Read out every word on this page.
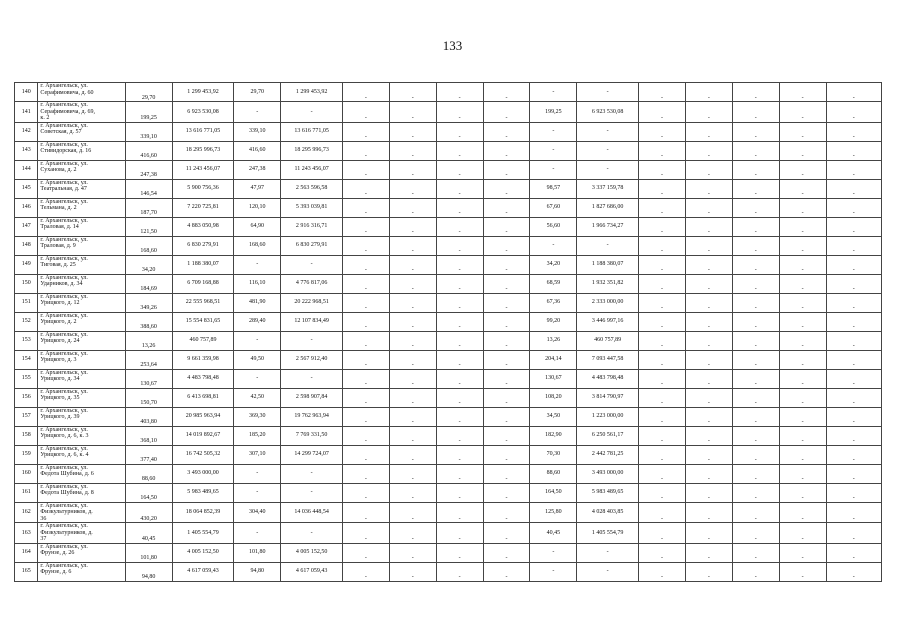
133
140	г. Архангельск, ул.
Серафимовича, д. 60	29,70	1 299 453,92	29,70	1 299 453,92	-	-	-	-	-	-	-	-	-	-	-
141	г. Архангельск, ул.
Серафимовича, д. 69,
к. 2	199,25	6 923 530,08	-	-	-	-	-	-	199,25	6 923 530,08	-	-	-	-	-
142	г. Архангельск, ул.
Советская, д. 57	339,10	13 616 771,05	339,10	13 616 771,05	-	-	-	-	-	-	-	-	-	-	-
143	г. Архангельск, ул.
Стивидорская, д. 16	416,60	18 295 996,73	416,60	18 295 996,73	-	-	-	-	-	-	-	-	-	-	-
144	г. Архангельск, ул.
Суханова, д. 2	247,38	11 243 456,07	247,38	11 243 456,07	-	-	-	-	-	-	-	-	-	-	-
145	г. Архангельск, ул.
Театральная, д. 47	146,54	5 900 756,36	47,97	2 563 596,58	-	-	-	-	98,57	3 337 159,78	-	-	-	-	-
146	г. Архангельск, ул.
Тельмана, д. 2	187,70	7 220 725,81	120,10	5 393 039,81	-	-	-	-	67,60	1 827 686,00	-	-	-	-	-
147	г. Архангельск, ул.
Траловая, д. 14	121,50	4 883 050,98	64,90	2 916 316,71	-	-	-	-	56,60	1 966 734,27	-	-	-	-	-
148	г. Архангельск, ул.
Траловая, д. 9	168,60	6 830 279,91	168,60	6 830 279,91	-	-	-	-	-	-	-	-	-	-	-
149	г. Архангельск, ул.
Тиговая, д. 25	34,20	1 188 380,07	-	-	-	-	-	-	34,20	1 188 380,07	-	-	-	-	-
150	г. Архангельск, ул.
Ударников, д. 34	184,69	6 709 168,88	116,10	4 776 817,06	-	-	-	-	68,59	1 932 351,82	-	-	-	-	-
151	г. Архангельск, ул.
Урицкого, д. 12	349,26	22 555 968,51	481,90	20 222 968,51	-	-	-	-	67,36	2 333 000,00	-	-	-	-	-
152	г. Архангельск, ул.
Урицкого, д. 2	388,60	15 554 831,65	289,40	12 107 834,49	-	-	-	-	99,20	3 446 997,16	-	-	-	-	-
153	г. Архангельск, ул.
Урицкого, д. 24	13,26	460 757,89	-	-	-	-	-	-	13,26	460 757,89	-	-	-	-	-
154	г. Архангельск, ул.
Урицкого, д. 3	253,64	9 661 359,98	49,50	2 567 912,40	-	-	-	-	204,14	7 093 447,58	-	-	-	-	-
155	г. Архангельск, ул.
Урицкого, д. 34	130,67	4 483 798,48	-	-	-	-	-	-	130,67	4 483 798,48	-	-	-	-	-
156	г. Архангельск, ул.
Урицкого, д. 35	150,70	6 413 698,81	42,50	2 598 907,84	-	-	-	-	108,20	3 814 790,97	-	-	-	-	-
157	г. Архангельск, ул.
Урицкого, д. 39	403,80	20 985 963,94	369,30	19 762 963,94	-	-	-	-	34,50	1 223 000,00	-	-	-	-	-
158	г. Архангельск, ул.
Урицкого, д. 6, к. 3	368,10	14 019 892,67	185,20	7 769 331,50	-	-	-	-	182,90	6 250 561,17	-	-	-	-	-
159	г. Архангельск, ул.
Урицкого, д. 6, к. 4	377,40	16 742 505,32	307,10	14 299 724,07	-	-	-	-	70,30	2 442 781,25	-	-	-	-	-
160	г. Архангельск, ул.
Федота Шубина, д. 6	88,60	3 493 000,00	-	-	-	-	-	-	88,60	3 493 000,00	-	-	-	-	-
161	г. Архангельск, ул.
Федота Шубина, д. 8	164,50	5 983 489,65	-	-	-	-	-	-	164,50	5 983 489,65	-	-	-	-	-
162	г. Архангельск, ул.
Физкультурников, д.
36	430,20	18 064 852,39	304,40	14 036 448,54	-	-	-	-	125,80	4 028 403,85	-	-	-	-	-
163	г. Архангельск, ул.
Физкультурников, д.
37	40,45	1 405 554,79	-	-	-	-	-	-	40,45	1 405 554,79	-	-	-	-	-
164	г. Архангельск, ул.
Фрунзе, д. 26	101,80	4 005 152,50	101,80	4 005 152,50	-	-	-	-	-	-	-	-	-	-	-
165	г. Архангельск, ул.
Фрунзе, д. 6	94,80	4 617 059,43	94,80	4 617 059,43	-	-	-	-	-	-	-	-	-	-	-
